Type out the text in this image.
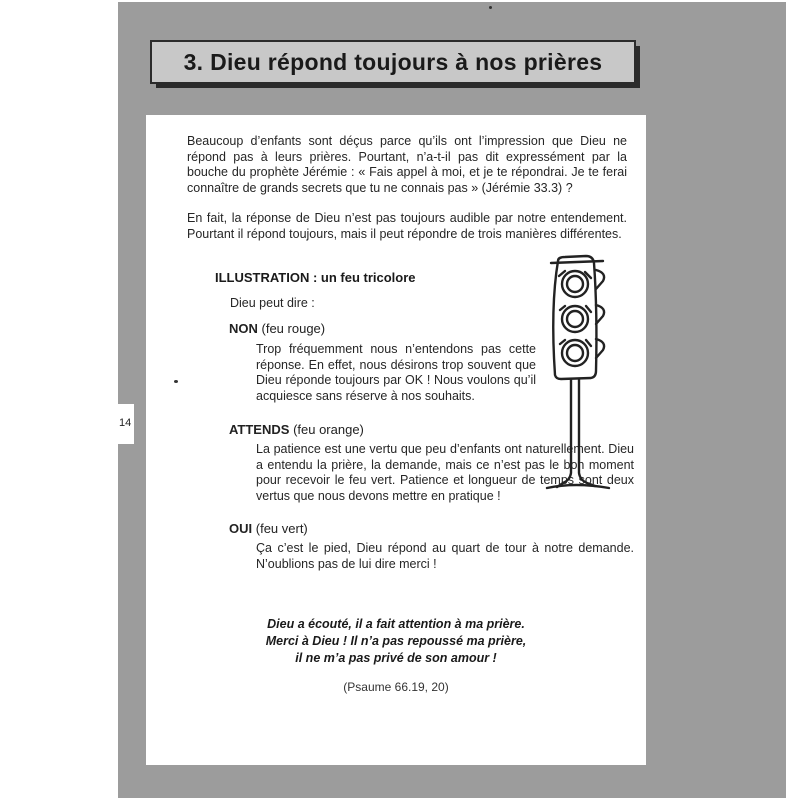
14
3. Dieu répond toujours à nos prières

Beaucoup d’enfants sont déçus parce qu’ils ont l’impression que Dieu ne répond pas à leurs prières. Pourtant, n’a-t-il pas dit expressément par la bouche du prophète Jérémie : « Fais appel à moi, et je te répondrai. Je te ferai connaître de grands secrets que tu ne connais pas » (Jérémie 33.3) ?

En fait, la réponse de Dieu n’est pas toujours audible par notre entendement. Pourtant il répond toujours, mais il peut répondre de trois manières différentes.

ILLUSTRATION : un feu tricolore
Dieu peut dire :
NON (feu rouge)

Trop fréquemment nous n’entendons pas cette réponse. En effet, nous désirons trop souvent que Dieu réponde toujours par OK ! Nous voulons qu’il acquiesce sans réserve à nos souhaits.

ATTENDS (feu orange)

La patience est une vertu que peu d’enfants ont naturellement. Dieu a entendu la prière, la demande, mais ce n’est pas le bon moment pour recevoir le feu vert. Patience et longueur de temps sont deux vertus que nous devons mettre en pratique !

OUI (feu vert)

Ça c’est le pied, Dieu répond au quart de tour à notre demande. N’oublions pas de lui dire merci !

Dieu a écouté, il a fait attention à ma prière.
Merci à Dieu ! Il n’a pas repoussé ma prière,
il ne m’a pas privé de son amour !
(Psaume 66.19, 20)
